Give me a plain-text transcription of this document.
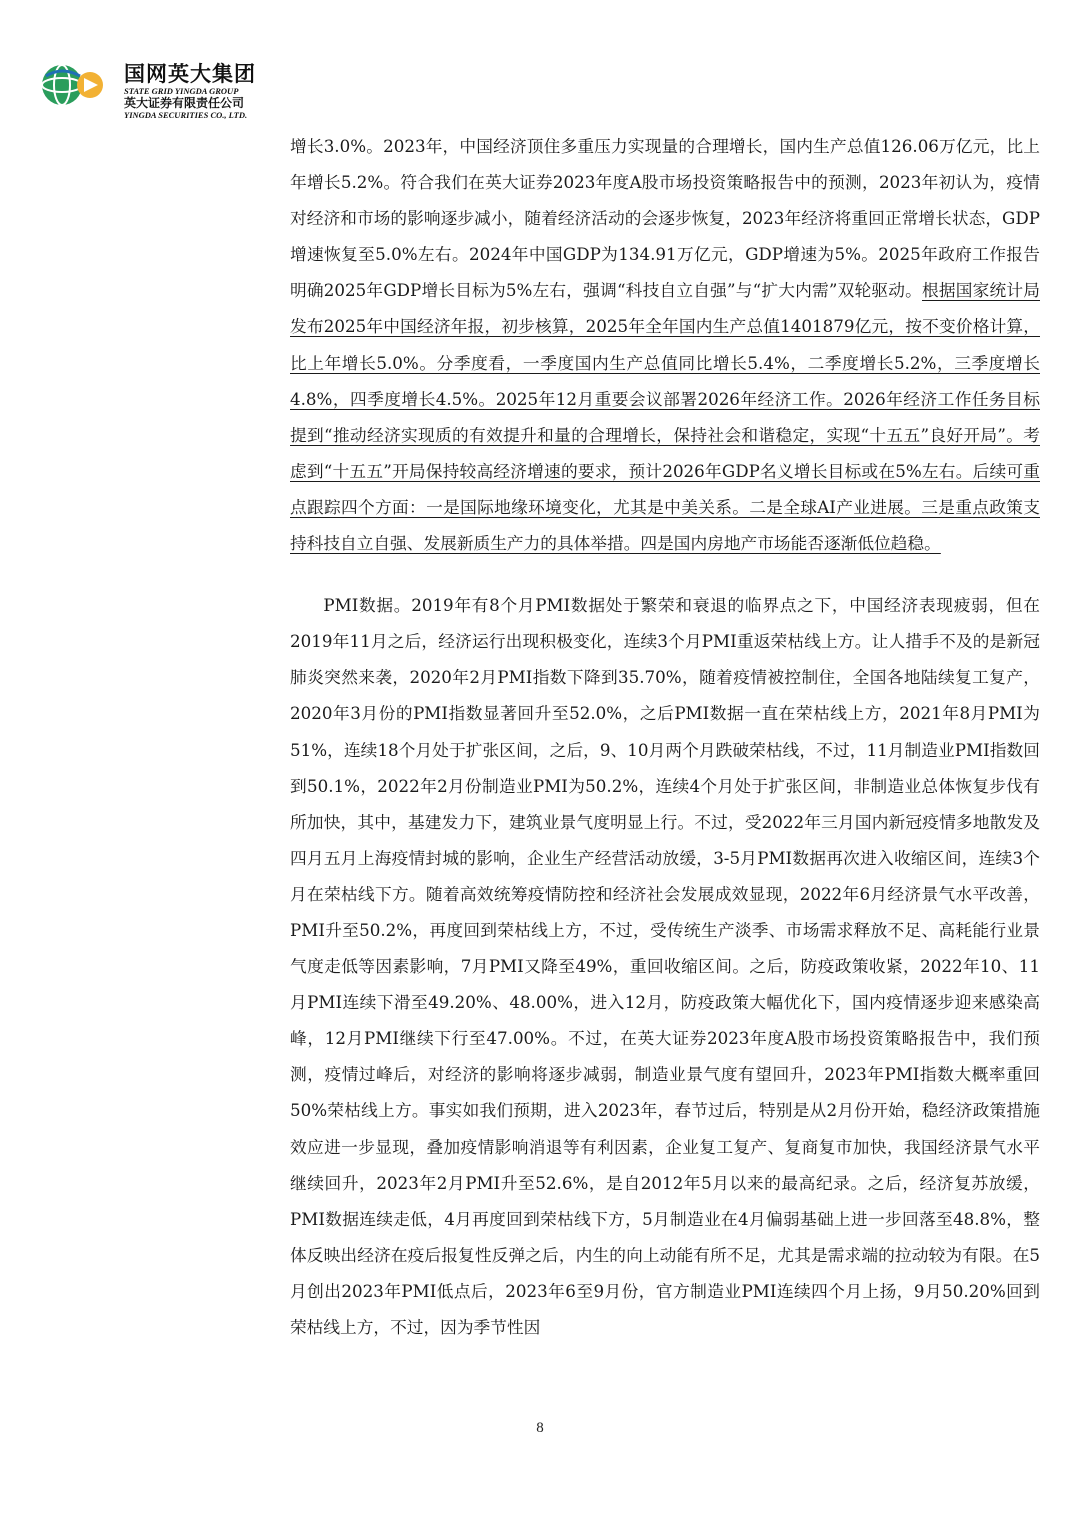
国网英大集团
STATE GRID YINGDA GROUP
英大证券有限责任公司
YINGDA SECURITIES CO., LTD.

增长3.0%。2023年，中国经济顶住多重压力实现量的合理增长，国内生产总值126.06万亿元，比上年增长5.2%。符合我们在英大证券2023年度A股市场投资策略报告中的预测，2023年初认为，疫情对经济和市场的影响逐步减小，随着经济活动的会逐步恢复，2023年经济将重回正常增长状态，GDP增速恢复至5.0%左右。2024年中国GDP为134.91万亿元，GDP增速为5%。2025年政府工作报告明确2025年GDP增长目标为5%左右，强调“科技自立自强”与“扩大内需”双轮驱动。根据国家统计局发布2025年中国经济年报，初步核算，2025年全年国内生产总值1401879亿元，按不变价格计算，比上年增长5.0%。分季度看，一季度国内生产总值同比增长5.4%，二季度增长5.2%，三季度增长4.8%，四季度增长4.5%。2025年12月重要会议部署2026年经济工作。2026年经济工作任务目标提到“推动经济实现质的有效提升和量的合理增长，保持社会和谐稳定，实现“十五五”良好开局”。考虑到“十五五”开局保持较高经济增速的要求，预计2026年GDP名义增长目标或在5%左右。后续可重点跟踪四个方面：一是国际地缘环境变化，尤其是中美关系。二是全球AI产业进展。三是重点政策支持科技自立自强、发展新质生产力的具体举措。四是国内房地产市场能否逐渐低位趋稳。

PMI数据。2019年有8个月PMI数据处于繁荣和衰退的临界点之下，中国经济表现疲弱，但在2019年11月之后，经济运行出现积极变化，连续3个月PMI重返荣枯线上方。让人措手不及的是新冠肺炎突然来袭，2020年2月PMI指数下降到35.70%，随着疫情被控制住，全国各地陆续复工复产，2020年3月份的PMI指数显著回升至52.0%，之后PMI数据一直在荣枯线上方，2021年8月PMI为51%，连续18个月处于扩张区间，之后，9、10月两个月跌破荣枯线，不过，11月制造业PMI指数回到50.1%，2022年2月份制造业PMI为50.2%，连续4个月处于扩张区间，非制造业总体恢复步伐有所加快，其中，基建发力下，建筑业景气度明显上行。不过，受2022年三月国内新冠疫情多地散发及四月五月上海疫情封城的影响，企业生产经营活动放缓，3-5月PMI数据再次进入收缩区间，连续3个月在荣枯线下方。随着高效统筹疫情防控和经济社会发展成效显现，2022年6月经济景气水平改善，PMI升至50.2%，再度回到荣枯线上方，不过，受传统生产淡季、市场需求释放不足、高耗能行业景气度走低等因素影响，7月PMI又降至49%，重回收缩区间。之后，防疫政策收紧，2022年10、11月PMI连续下滑至49.20%、48.00%，进入12月，防疫政策大幅优化下，国内疫情逐步迎来感染高峰，12月PMI继续下行至47.00%。不过，在英大证券2023年度A股市场投资策略报告中，我们预测，疫情过峰后，对经济的影响将逐步减弱，制造业景气度有望回升，2023年PMI指数大概率重回50%荣枯线上方。事实如我们预期，进入2023年，春节过后，特别是从2月份开始，稳经济政策措施效应进一步显现，叠加疫情影响消退等有利因素，企业复工复产、复商复市加快，我国经济景气水平继续回升，2023年2月PMI升至52.6%，是自2012年5月以来的最高纪录。之后，经济复苏放缓，PMI数据连续走低，4月再度回到荣枯线下方，5月制造业在4月偏弱基础上进一步回落至48.8%，整体反映出经济在疫后报复性反弹之后，内生的向上动能有所不足，尤其是需求端的拉动较为有限。在5月创出2023年PMI低点后，2023年6至9月份，官方制造业PMI连续四个月上扬，9月50.20%回到荣枯线上方，不过，因为季节性因

8
